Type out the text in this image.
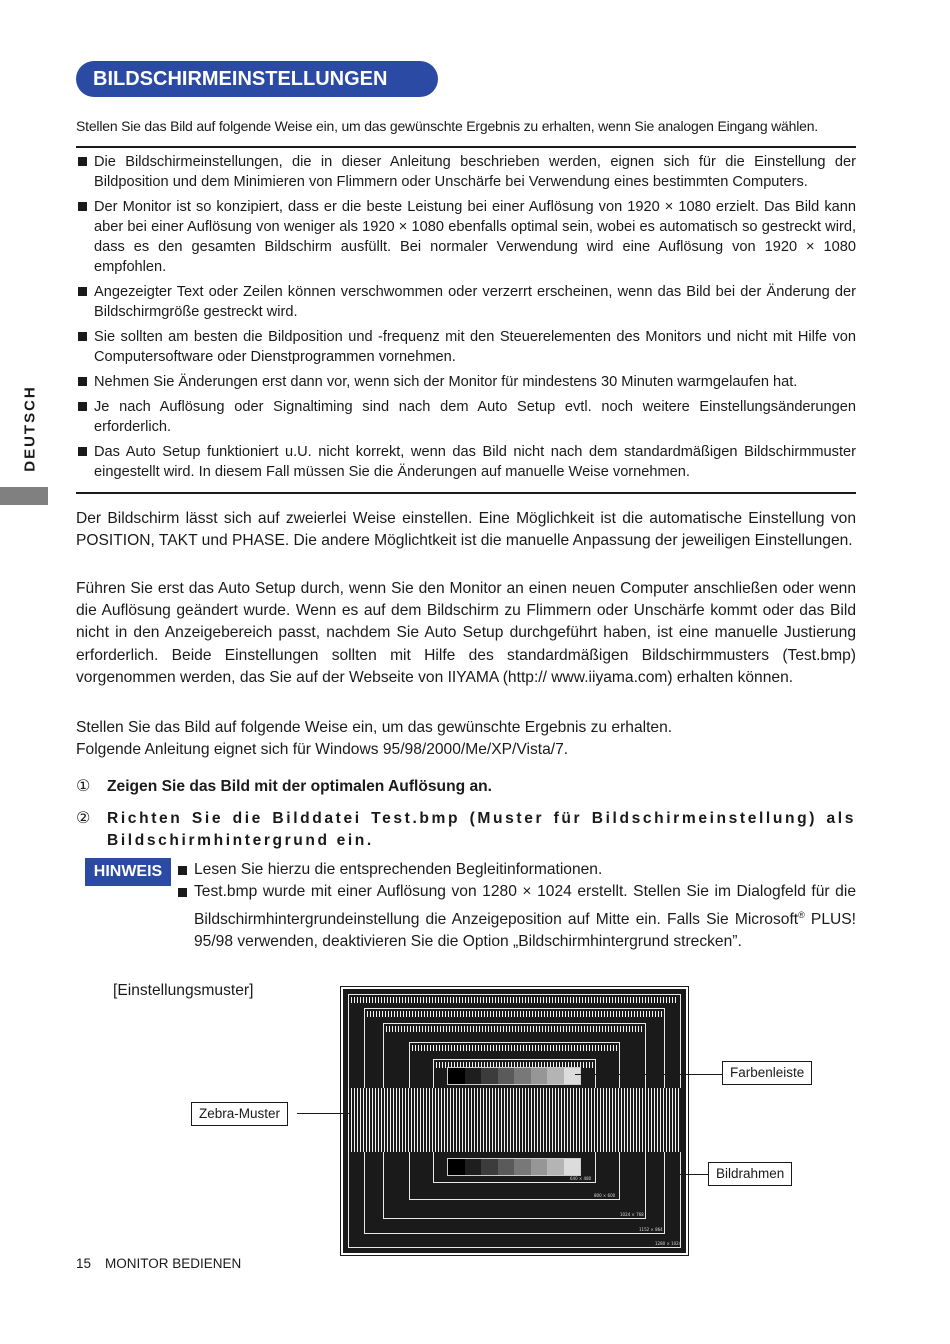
BILDSCHIRMEINSTELLUNGEN
Stellen Sie das Bild auf folgende Weise ein, um das gewünschte Ergebnis zu erhalten, wenn Sie analogen Eingang wählen.
Die Bildschirmeinstellungen, die in dieser Anleitung beschrieben werden, eignen sich für die Einstellung der Bildposition und dem Minimieren von Flimmern oder Unschärfe bei Verwendung eines bestimmten Computers.
Der Monitor ist so konzipiert, dass er die beste Leistung bei einer Auflösung von 1920 × 1080 erzielt. Das Bild kann aber bei einer Auflösung von weniger als 1920 × 1080 ebenfalls optimal sein, wobei es automatisch so gestreckt wird, dass es den gesamten Bildschirm ausfüllt. Bei normaler Verwendung wird eine Auflösung von 1920 × 1080 empfohlen.
Angezeigter Text oder Zeilen können verschwommen oder verzerrt erscheinen, wenn das Bild bei der Änderung der Bildschirmgröße gestreckt wird.
Sie sollten am besten die Bildposition und -frequenz mit den Steuerelementen des Monitors und nicht mit Hilfe von Computersoftware oder Dienstprogrammen vornehmen.
Nehmen Sie Änderungen erst dann vor, wenn sich der Monitor für mindestens 30 Minuten warmgelaufen hat.
Je nach Auflösung oder Signaltiming sind nach dem Auto Setup evtl. noch weitere Einstellungsänderungen erforderlich.
Das Auto Setup funktioniert u.U. nicht korrekt, wenn das Bild nicht nach dem standardmäßigen Bildschirmmuster eingestellt wird. In diesem Fall müssen Sie die Änderungen auf manuelle Weise vornehmen.
DEUTSCH
Der Bildschirm lässt sich auf zweierlei Weise einstellen. Eine Möglichkeit ist die automatische Einstellung von POSITION, TAKT und PHASE. Die andere Möglichtkeit ist die manuelle Anpassung der jeweiligen Einstellungen.
Führen Sie erst das Auto Setup durch, wenn Sie den Monitor an einen neuen Computer anschließen oder wenn die Auflösung geändert wurde. Wenn es auf dem Bildschirm zu Flimmern oder Unschärfe kommt oder das Bild nicht in den Anzeigebereich passt, nachdem Sie Auto Setup durchgeführt haben, ist eine manuelle Justierung erforderlich. Beide Einstellungen sollten mit Hilfe des standardmäßigen Bildschirmmusters (Test.bmp) vorgenommen werden, das Sie auf der Webseite von IIYAMA (http:// www.iiyama.com) erhalten können.
Stellen Sie das Bild auf folgende Weise ein, um das gewünschte Ergebnis zu erhalten.
Folgende Anleitung eignet sich für Windows 95/98/2000/Me/XP/Vista/7.
① Zeigen Sie das Bild mit der optimalen Auflösung an.
② Richten Sie die Bilddatei Test.bmp (Muster für Bildschirmeinstellung) als Bildschirmhintergrund ein.
HINWEIS	Lesen Sie hierzu die entsprechenden Begleitinformationen.
Test.bmp wurde mit einer Auflösung von 1280 × 1024 erstellt. Stellen Sie im Dialogfeld für die Bildschirmhintergrundeinstellung die Anzeigeposition auf Mitte ein. Falls Sie Microsoft® PLUS! 95/98 verwenden, deaktivieren Sie die Option „Bildschirmhintergrund strecken”.
[Einstellungsmuster]
1280 × 1024
1152 × 864
1024 × 768
800 × 600
640 × 480
Farbenleiste
Zebra-Muster
Bildrahmen
15 MONITOR BEDIENEN
